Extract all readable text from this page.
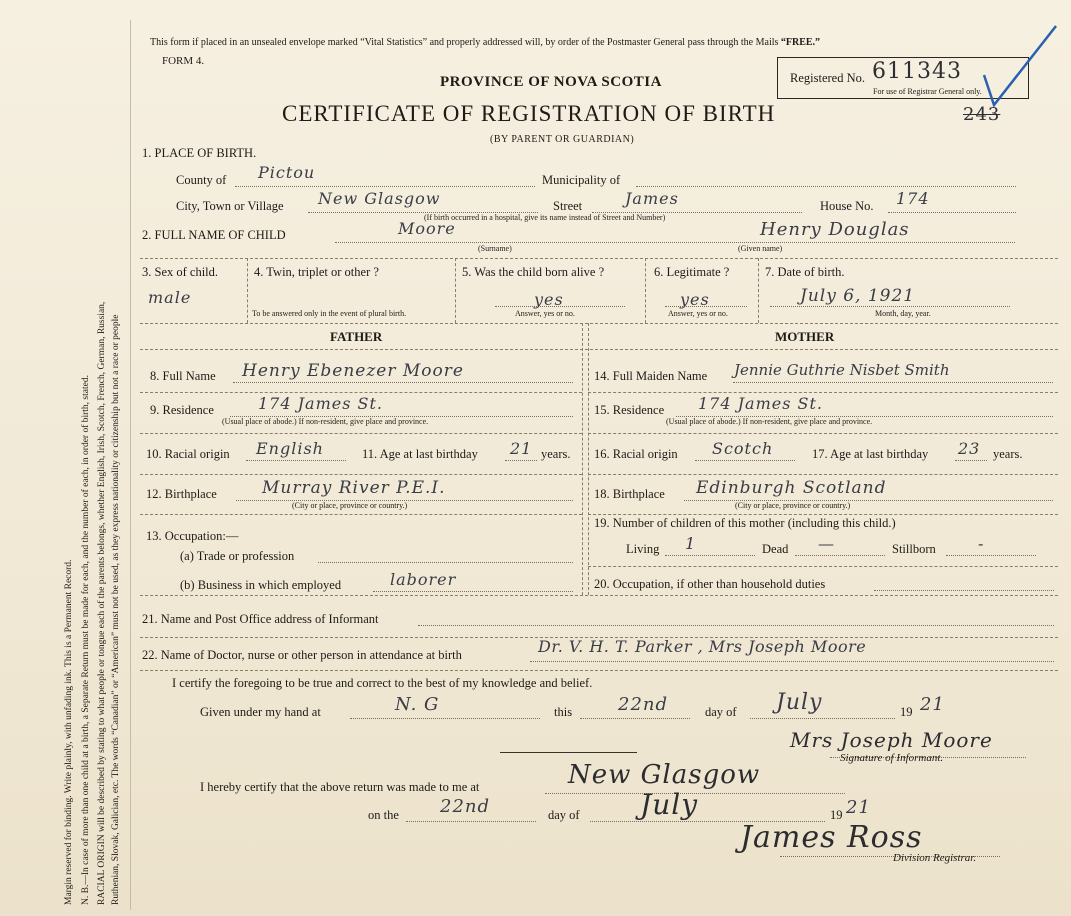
Margin reserved for binding. Write plainly, with unfading ink. This is a Permanent Record. N. B.—In case of more than one child at a birth, a Separate Return must be made for each, and the number of each, in order of birth, stated. RACIAL ORIGIN will be described by stating to what people or tongue each of the parents belongs, whether English, Irish, Scotch, French, German, Russian, Ruthenian, Slovak, Galician, etc. The words “Canadian” or “American” must not be used, as they express nationality or citizenship but not a race or people
This form if placed in an unsealed envelope marked “Vital Statistics” and properly addressed will, by order of the Postmaster General pass through the Mails “FREE.”
FORM 4.
PROVINCE OF NOVA SCOTIA
CERTIFICATE OF REGISTRATION OF BIRTH
(BY PARENT OR GUARDIAN)
Registered No. 611343
For use of Registrar General only.
243
1. PLACE OF BIRTH.
County of Pictou	Municipality of
City, Town or Village New Glasgow	Street	James	House No. 174
(If birth occurred in a hospital, give its name instead of Street and Number)
2. FULL NAME OF CHILD	Moore
(Surname)
Henry Douglas
(Given name)
3. Sex of child.
male
4. Twin, triplet or other ?
To be answered only in the event of plural birth.
5. Was the child born alive ?
yes
Answer, yes or no.
6. Legitimate ?
yes
Answer, yes or no.
7. Date of birth.
July 6, 1921
Month, day, year.
FATHER	MOTHER
8. Full Name Henry Ebenezer Moore
9. Residence	174 James St.
(Usual place of abode.) If non-resident, give place and province.
10. Racial origin English	11. Age at last birthday 21 years.
12. Birthplace	Murray River P.E.I.
(City or place, province or country.)
13. Occupation:—
(a) Trade or profession
(b) Business in which employed	laborer
14. Full Maiden Name Jennie Guthrie Nisbet Smith
15. Residence 174 James St.
(Usual place of abode.) If non-resident, give place and province.
16. Racial origin Scotch	17. Age at last birthday 23 years.
18. Birthplace Edinburgh Scotland
(City or place, province or country.)
19. Number of children of this mother (including this child.)
Living 1	Dead —	Stillborn	-
20. Occupation, if other than household duties
21. Name and Post Office address of Informant
22. Name of Doctor, nurse or other person in attendance at birth	Dr. V. H. T. Parker , Mrs Joseph Moore
I certify the foregoing to be true and correct to the best of my knowledge and belief.
Given under my hand at	N. G	this	22nd	day of July	19 21
Mrs Joseph Moore
Signature of Informant.
I hereby certify that the above return was made to me at	New Glasgow
on the 22nd	day of July	19 21
James Ross
Division Registrar.
